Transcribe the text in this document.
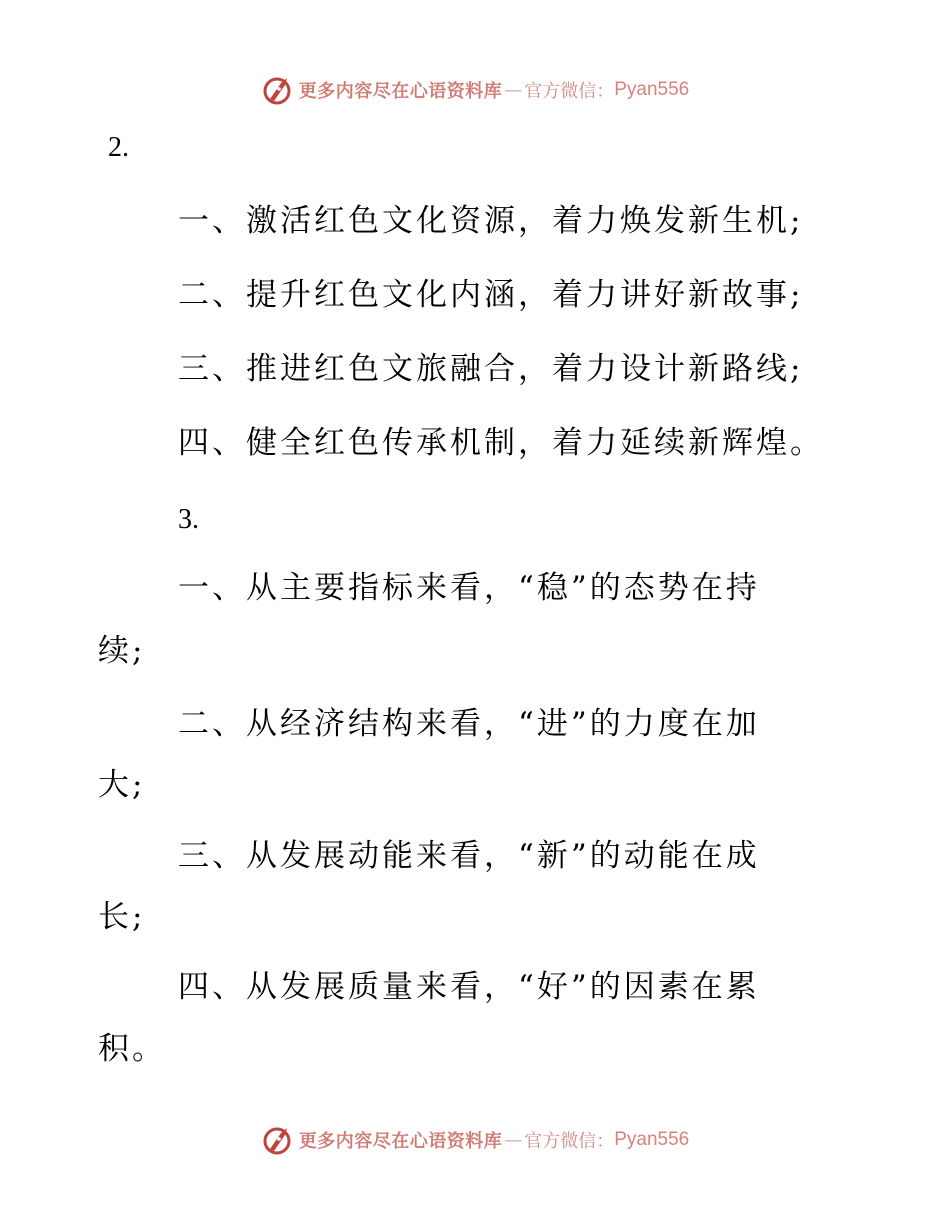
更多内容尽在心语资料库 — 官方微信： Pyan556
2.
一、激活红色文化资源，着力焕发新生机;
二、提升红色文化内涵，着力讲好新故事;
三、推进红色文旅融合，着力设计新路线;
四、健全红色传承机制，着力延续新辉煌。
3.
一、从主要指标来看，“稳”的态势在持
续;
二、从经济结构来看，“进”的力度在加
大;
三、从发展动能来看，“新”的动能在成
长;
四、从发展质量来看，“好”的因素在累
积。
更多内容尽在心语资料库 — 官方微信： Pyan556
